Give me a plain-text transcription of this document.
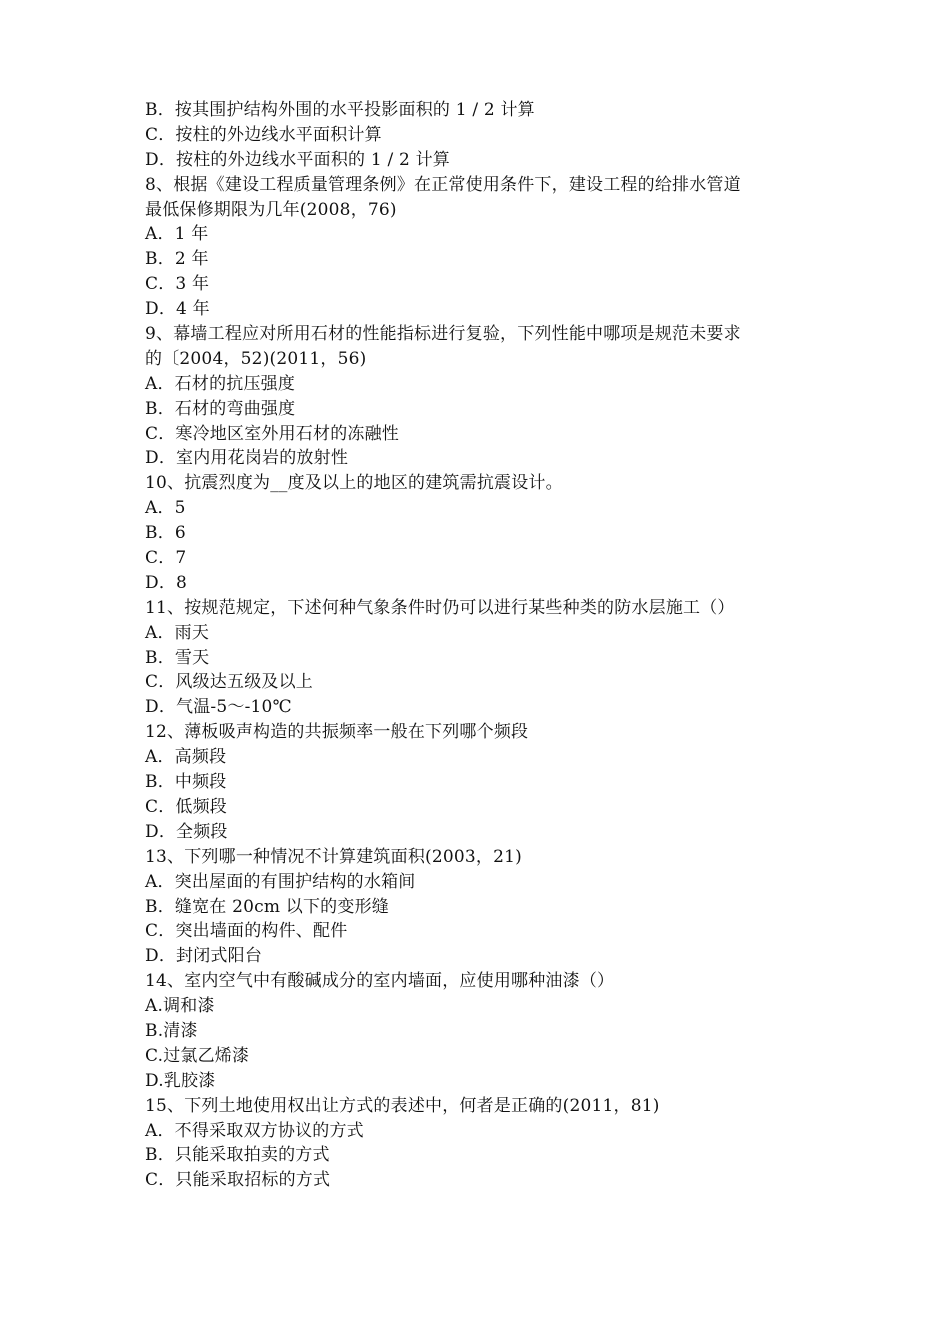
B．按其围护结构外围的水平投影面积的 1 / 2 计算
C．按柱的外边线水平面积计算
D．按柱的外边线水平面积的 1 / 2 计算
8、根据《建设工程质量管理条例》在正常使用条件下，建设工程的给排水管道
最低保修期限为几年(2008，76)
A．1 年
B．2 年
C．3 年
D．4 年
9、幕墙工程应对所用石材的性能指标进行复验，下列性能中哪项是规范未要求
的〔2004，52)(2011，56)
A．石材的抗压强度
B．石材的弯曲强度
C．寒冷地区室外用石材的冻融性
D．室内用花岗岩的放射性
10、抗震烈度为__度及以上的地区的建筑需抗震设计。
A．5
B．6
C．7
D．8
11、按规范规定，下述何种气象条件时仍可以进行某些种类的防水层施工（）
A．雨天
B．雪天
C．风级达五级及以上
D．气温-5～-10℃
12、薄板吸声构造的共振频率一般在下列哪个频段
A．高频段
B．中频段
C．低频段
D．全频段
13、下列哪一种情况不计算建筑面积(2003，21)
A．突出屋面的有围护结构的水箱间
B．缝宽在 20cm 以下的变形缝
C．突出墙面的构件、配件
D．封闭式阳台
14、室内空气中有酸碱成分的室内墙面，应使用哪种油漆（）
A.调和漆
B.清漆
C.过氯乙烯漆
D.乳胶漆
15、下列土地使用权出让方式的表述中，何者是正确的(2011，81)
A．不得采取双方协议的方式
B．只能采取拍卖的方式
C．只能采取招标的方式
